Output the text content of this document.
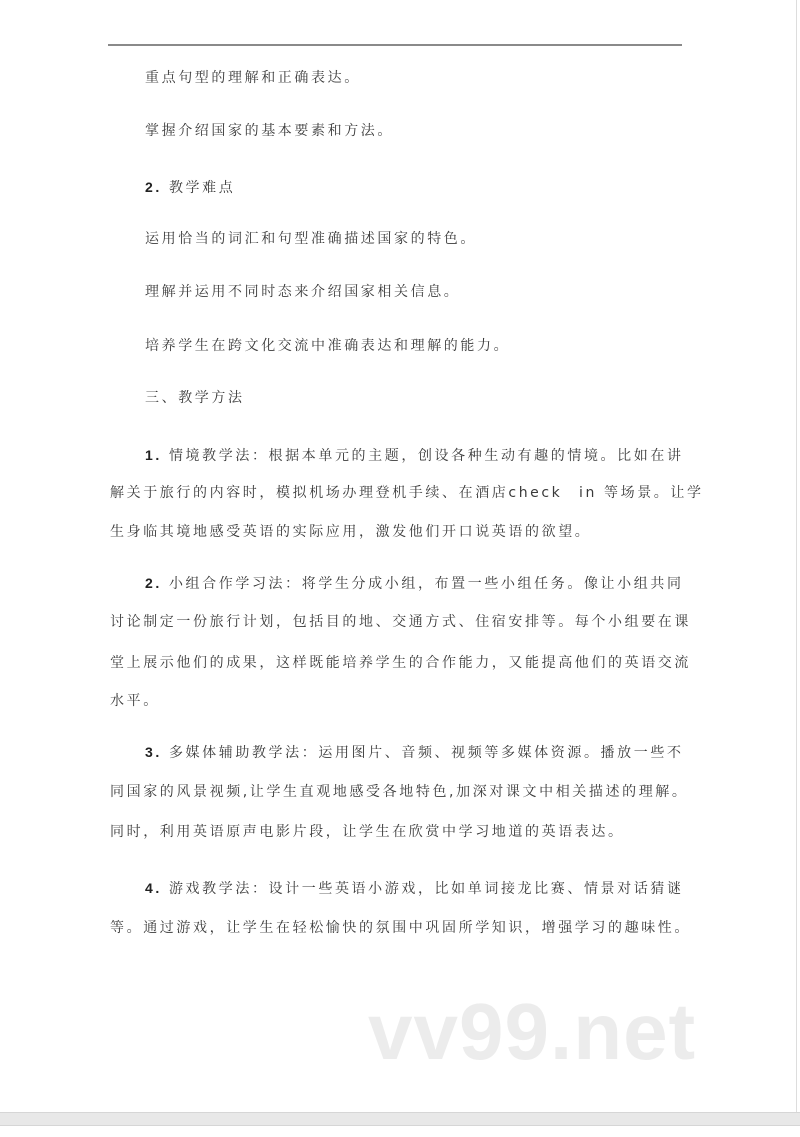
重点句型的理解和正确表达。
掌握介绍国家的基本要素和方法。
2. 教学难点
运用恰当的词汇和句型准确描述国家的特色。
理解并运用不同时态来介绍国家相关信息。
培养学生在跨文化交流中准确表达和理解的能力。
三、教学方法
1. 情境教学法：根据本单元的主题，创设各种生动有趣的情境。比如在讲
解关于旅行的内容时，模拟机场办理登机手续、在酒店check　in 等场景。让学
生身临其境地感受英语的实际应用，激发他们开口说英语的欲望。
2. 小组合作学习法：将学生分成小组，布置一些小组任务。像让小组共同
讨论制定一份旅行计划，包括目的地、交通方式、住宿安排等。每个小组要在课
堂上展示他们的成果，这样既能培养学生的合作能力，又能提高他们的英语交流
水平。
3. 多媒体辅助教学法：运用图片、音频、视频等多媒体资源。播放一些不
同国家的风景视频,让学生直观地感受各地特色,加深对课文中相关描述的理解。
同时，利用英语原声电影片段，让学生在欣赏中学习地道的英语表达。
4. 游戏教学法：设计一些英语小游戏，比如单词接龙比赛、情景对话猜谜
等。通过游戏，让学生在轻松愉快的氛围中巩固所学知识，增强学习的趣味性。
vv99.net
